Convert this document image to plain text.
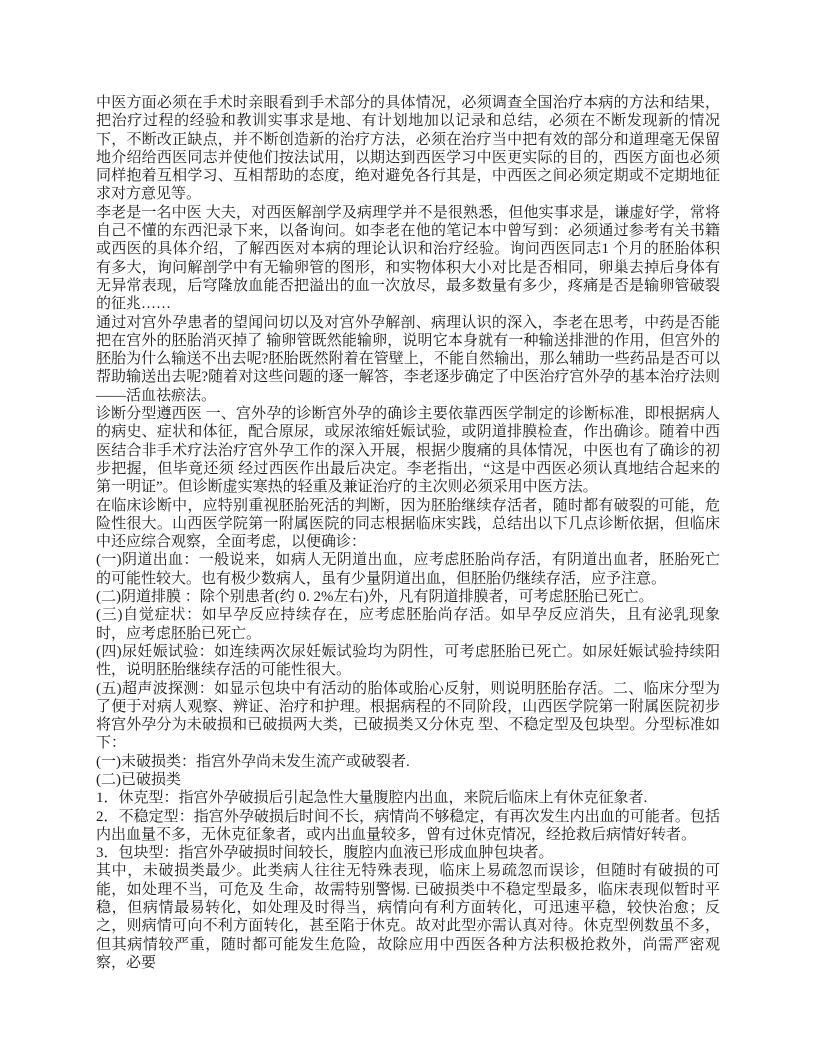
中医方面必须在手术时亲眼看到手术部分的具体情况，必须调查全国治疗本病的方法和结果，把治疗过程的经验和教训实事求是地、有计划地加以记录和总结，必须在不断发现新的情况下，不断改正缺点，并不断创造新的治疗方法，必须在治疗当中把有效的部分和道理毫无保留地介绍给西医同志并使他们按法试用，以期达到西医学习中医更实际的目的，西医方面也必须同样抱着互相学习、互相帮助的态度，绝对避免各行其是，中西医之间必须定期或不定期地征求对方意见等。

李老是一名中医 大夫，对西医解剖学及病理学并不是很熟悉，但他实事求是，谦虚好学，常将自己不懂的东西汜录下来，以备询问。如李老在他的笔记本中曾写到：必须通过参考有关书籍或西医的具体介绍，了解西医对本病的理论认识和治疗经验。询问西医同志1 个月的胚胎体积有多大，询问解剖学中有无输卵管的图形，和实物体积大小对比是否相同，卵巢去掉后身体有无异常表现，后穹隆放血能否把溢出的血一次放尽，最多数量有多少，疼痛是否是输卵管破裂的征兆……

通过对宫外孕患者的望闻问切以及对宫外孕解剖、病理认识的深入，李老在思考，中药是否能把在宫外的胚胎消灭掉了 输卵管既然能输卵，说明它本身就有一种输送排泄的作用，但宫外的胚胎为什么输送不出去呢?胚胎既然附着在管壁上，不能自然输出，那么辅助一些药品是否可以帮助输送出去呢?随着对这些问题的逐一解答，李老逐步确定了中医治疗宫外孕的基本治疗法则——活血祛瘀法。

诊断分型遵西医 一、宫外孕的诊断宫外孕的确诊主要依靠西医学制定的诊断标准，即根据病人的病史、症状和体征，配合原尿，或尿浓缩妊娠试验，或阴道排膜检查，作出确诊。随着中西医结合非手术疗法治疗宫外孕工作的深入开展，根据少腹痛的具体情况，中医也有了确诊的初步把握，但毕竟还须 经过西医作出最后决定。李老指出，“这是中西医必须认真地结合起来的第一明证”。但诊断虚实寒热的轻重及兼证治疗的主次则必须采用中医方法。

在临床诊断中，应特别重视胚胎死活的判断，因为胚胎继续存活者，随时都有破裂的可能，危险性很大。山西医学院第一附属医院的同志根据临床实践，总结出以下几点诊断依据，但临床中还应综合观察，全面考虑，以便确诊：

(一)阴道出血：一般说来，如病人无阴道出血，应考虑胚胎尚存活，有阴道出血者，胚胎死亡的可能性较大。也有极少数病人，虽有少量阴道出血，但胚胎仍继续存活，应予注意。

(二)阴道排膜 ：除个别患者(约 0. 2%左右)外，凡有阴道排膜者，可考虑胚胎已死亡。

(三)自觉症状：如早孕反应持续存在，应考虑胚胎尚存活。如早孕反应消失，且有泌乳现象时，应考虑胚胎已死亡。

(四)尿妊娠试验：如连续两次尿妊娠试验均为阴性，可考虑胚胎已死亡。如尿妊娠试验持续阳性，说明胚胎继续存活的可能性很大。

(五)超声波探测：如显示包块中有活动的胎体或胎心反射，则说明胚胎存活。二、临床分型为了便于对病人观察、辨证、治疗和护理。根据病程的不同阶段，山西医学院第一附属医院初步将宫外孕分为未破损和已破损两大类，已破损类又分休克 型、不稳定型及包块型。分型标准如下：

(一)未破损类：指宫外孕尚未发生流产或破裂者.

(二)已破损类

1．休克型：指宫外孕破损后引起急性大量腹腔内出血，来院后临床上有休克征象者.

2．不稳定型：指宫外孕破损后时间不长，病情尚不够稳定，有再次发生内出血的可能者。包括内出血量不多，无休克征象者，或内出血量较多，曾有过休克情况，经抢救后病情好转者。

3．包块型：指宫外孕破损时间较长，腹腔内血液已形成血肿包块者。

其中，未破损类最少。此类病人往往无特殊表现，临床上易疏忽而误诊，但随时有破损的可能，如处理不当，可危及 生命，故需特别警惕. 已破损类中不稳定型最多，临床表现似暂时平稳，但病情最易转化，如处理及时得当，病情向有利方面转化，可迅速平稳，较快治愈；反之，则病情可向不利方面转化，甚至陷于休克。故对此型亦需认真对待。休克型例数虽不多，但其病情较严重，随时都可能发生危险，故除应用中西医各种方法积极抢救外，尚需严密观察，必要
